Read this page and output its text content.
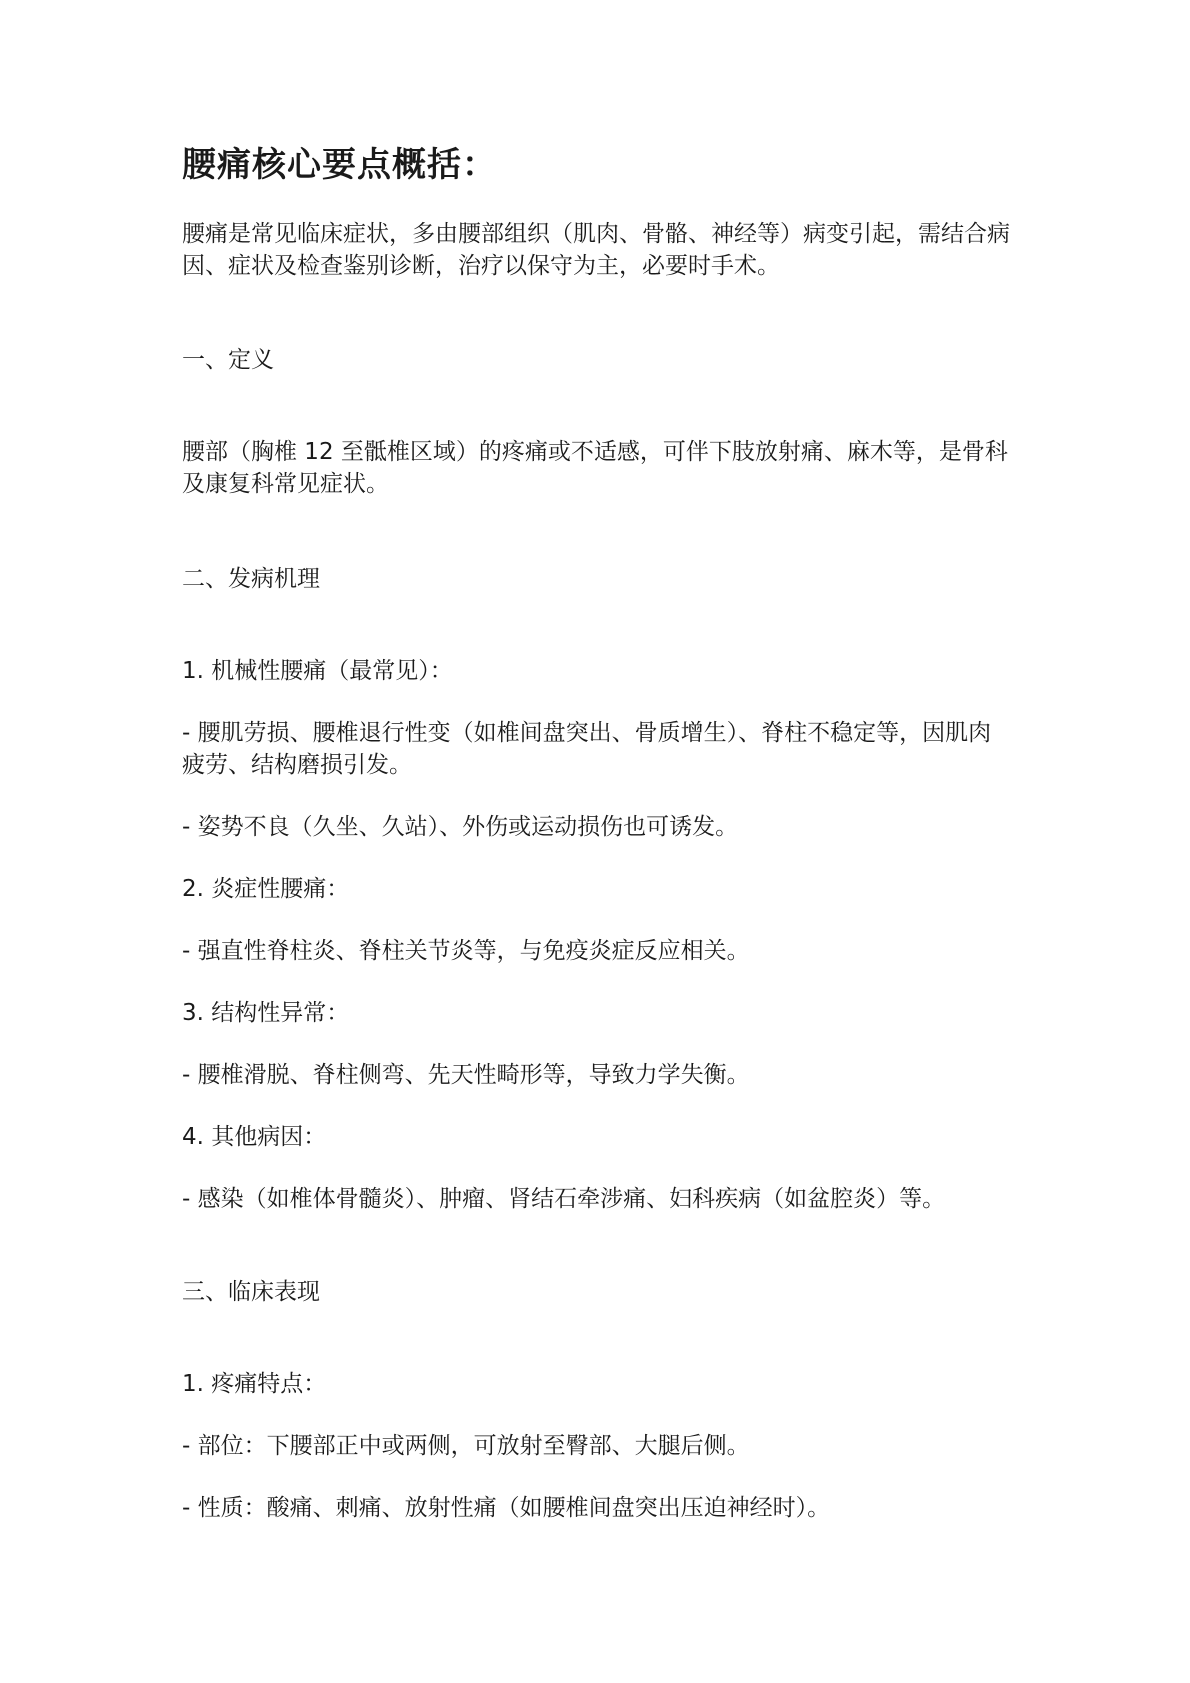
腰痛核心要点概括：

腰痛是常见临床症状，多由腰部组织（肌肉、骨骼、神经等）病变引起，需结合病因、症状及检查鉴别诊断，治疗以保守为主，必要时手术。

一、定义

腰部（胸椎 12 至骶椎区域）的疼痛或不适感，可伴下肢放射痛、麻木等，是骨科及康复科常见症状。

二、发病机理

1. 机械性腰痛（最常见）：

- 腰肌劳损、腰椎退行性变（如椎间盘突出、骨质增生）、脊柱不稳定等，因肌肉疲劳、结构磨损引发。

- 姿势不良（久坐、久站）、外伤或运动损伤也可诱发。

2. 炎症性腰痛：

- 强直性脊柱炎、脊柱关节炎等，与免疫炎症反应相关。

3. 结构性异常：

- 腰椎滑脱、脊柱侧弯、先天性畸形等，导致力学失衡。

4. 其他病因：

- 感染（如椎体骨髓炎）、肿瘤、肾结石牵涉痛、妇科疾病（如盆腔炎）等。

三、临床表现

1. 疼痛特点：

- 部位：下腰部正中或两侧，可放射至臀部、大腿后侧。

- 性质：酸痛、刺痛、放射性痛（如腰椎间盘突出压迫神经时）。
